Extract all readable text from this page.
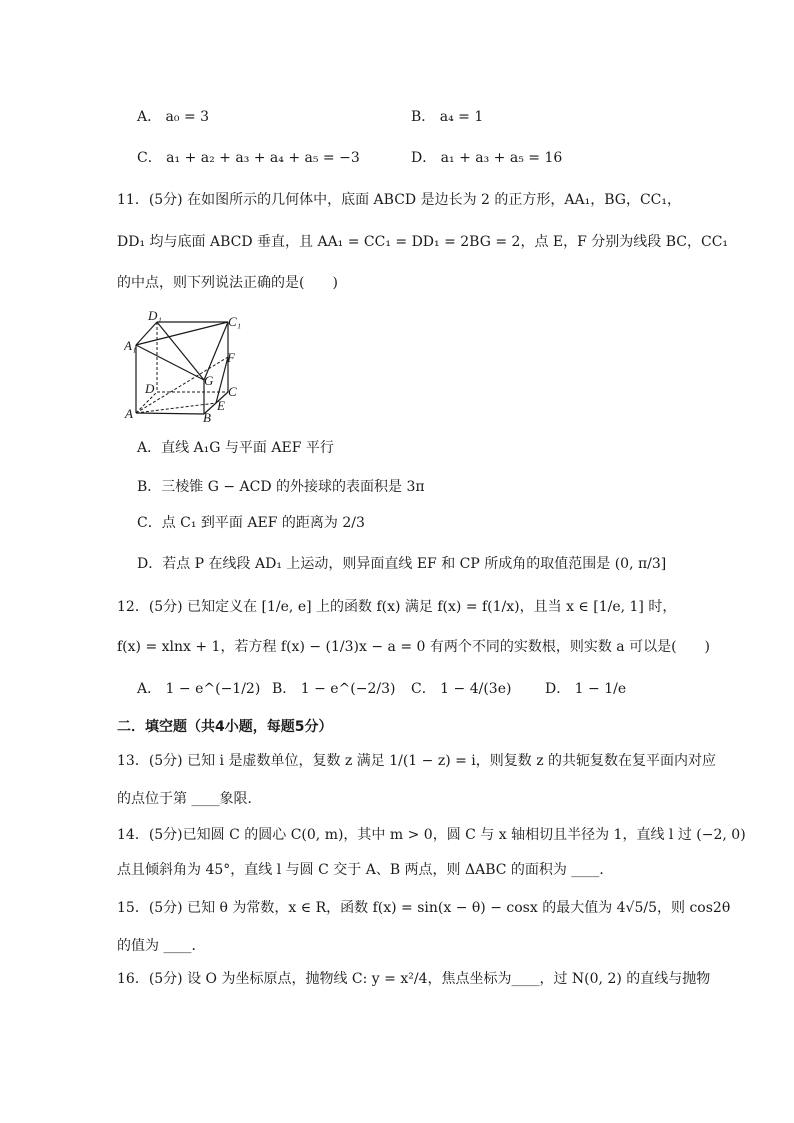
A． a₀ = 3	B． a₄ = 1
C． a₁ + a₂ + a₃ + a₄ + a₅ = −3	D． a₁ + a₃ + a₅ = 16
11．(5分) 在如图所示的几何体中，底面 ABCD 是边长为 2 的正方形，AA₁，BG，CC₁，
DD₁ 均与底面 ABCD 垂直，且 AA₁ = CC₁ = DD₁ = 2BG = 2，点 E，F 分别为线段 BC，CC₁
的中点，则下列说法正确的是(　　)
D₁	C₁
A₁
F
D
G
C
A
E
B
A．直线 A₁G 与平面 AEF 平行
B．三棱锥 G − ACD 的外接球的表面积是 3π
C．点 C₁ 到平面 AEF 的距离为 2/3
D．若点 P 在线段 AD₁ 上运动，则异面直线 EF 和 CP 所成角的取值范围是 (0, π/3]
12．(5分) 已知定义在 [1/e, e] 上的函数 f(x) 满足 f(x) = f(1/x)，且当 x ∈ [1/e, 1] 时，
f(x) = xlnx + 1，若方程 f(x) − (1/3)x − a = 0 有两个不同的实数根，则实数 a 可以是(　　)
A． 1 − e^(−1/2) B． 1 − e^(−2/3) C． 1 − 4/(3e) D． 1 − 1/e
二．填空题（共4小题，每题5分）
13．(5分) 已知 i 是虚数单位，复数 z 满足 1/(1 − z) = i，则复数 z 的共轭复数在复平面内对应
的点位于第 ____象限．
14．(5分)已知圆 C 的圆心 C(0, m)，其中 m > 0，圆 C 与 x 轴相切且半径为 1，直线 l 过 (−2, 0)
点且倾斜角为 45°，直线 l 与圆 C 交于 A、B 两点，则 ΔABC 的面积为 ____．
15．(5分) 已知 θ 为常数，x ∈ R，函数 f(x) = sin(x − θ) − cosx 的最大值为 4√5/5，则 cos2θ
的值为 ____．
16．(5分) 设 O 为坐标原点，抛物线 C: y = x²/4，焦点坐标为____，过 N(0, 2) 的直线与抛物
